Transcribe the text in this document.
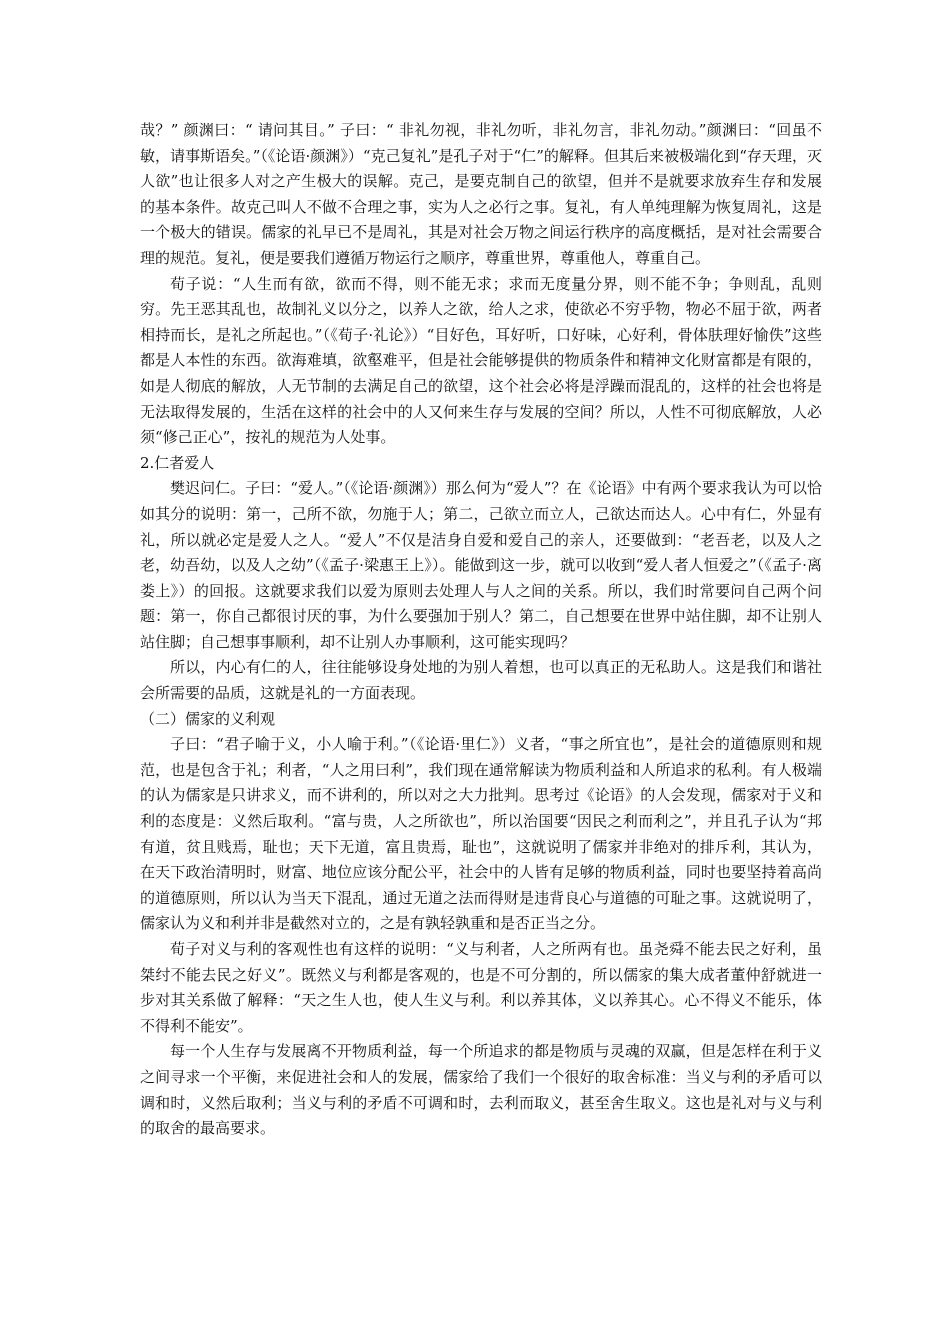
哉？” 颜渊曰：“ 请问其目。” 子曰：“ 非礼勿视，非礼勿听，非礼勿言，非礼勿动。”颜渊曰：“回虽不敏，请事斯语矣。”（《论语·颜渊》）“克己复礼”是孔子对于“仁”的解释。但其后来被极端化到“存天理，灭人欲”也让很多人对之产生极大的误解。克己，是要克制自己的欲望，但并不是就要求放弃生存和发展的基本条件。故克己叫人不做不合理之事，实为人之必行之事。复礼，有人单纯理解为恢复周礼，这是一个极大的错误。儒家的礼早已不是周礼，其是对社会万物之间运行秩序的高度概括，是对社会需要合理的规范。复礼，便是要我们遵循万物运行之顺序，尊重世界，尊重他人，尊重自己。

荀子说：“人生而有欲，欲而不得，则不能无求；求而无度量分界，则不能不争；争则乱，乱则穷。先王恶其乱也，故制礼义以分之，以养人之欲，给人之求，使欲必不穷乎物，物必不屈于欲，两者相持而长，是礼之所起也。”（《荀子·礼论》）“目好色，耳好听，口好味，心好利，骨体肤理好愉佚”这些都是人本性的东西。欲海难填，欲壑难平，但是社会能够提供的物质条件和精神文化财富都是有限的，如是人彻底的解放，人无节制的去满足自己的欲望，这个社会必将是浮躁而混乱的，这样的社会也将是无法取得发展的，生活在这样的社会中的人又何来生存与发展的空间？所以，人性不可彻底解放，人必须“修己正心”，按礼的规范为人处事。

2.仁者爱人

樊迟问仁。子曰：“爱人。”（《论语·颜渊》）那么何为“爱人”？在《论语》中有两个要求我认为可以恰如其分的说明：第一，己所不欲，勿施于人；第二，己欲立而立人，己欲达而达人。心中有仁，外显有礼，所以就必定是爱人之人。“爱人”不仅是洁身自爱和爱自己的亲人，还要做到：“老吾老，以及人之老，幼吾幼，以及人之幼”（《孟子·梁惠王上》）。能做到这一步，就可以收到“爱人者人恒爱之”（《孟子·离娄上》）的回报。这就要求我们以爱为原则去处理人与人之间的关系。所以，我们时常要问自己两个问题：第一，你自己都很讨厌的事，为什么要强加于别人？第二，自己想要在世界中站住脚，却不让别人站住脚；自己想事事顺利，却不让别人办事顺利，这可能实现吗？

所以，内心有仁的人，往往能够设身处地的为别人着想，也可以真正的无私助人。这是我们和谐社会所需要的品质，这就是礼的一方面表现。

（二）儒家的义利观

子曰：“君子喻于义，小人喻于利。”（《论语·里仁》）义者，“事之所宜也”，是社会的道德原则和规范，也是包含于礼；利者，“人之用曰利”，我们现在通常解读为物质利益和人所追求的私利。有人极端的认为儒家是只讲求义，而不讲利的，所以对之大力批判。思考过《论语》的人会发现，儒家对于义和利的态度是：义然后取利。“富与贵，人之所欲也”，所以治国要“因民之利而利之”，并且孔子认为“邦有道，贫且贱焉，耻也；天下无道，富且贵焉，耻也”，这就说明了儒家并非绝对的排斥利，其认为，在天下政治清明时，财富、地位应该分配公平，社会中的人皆有足够的物质利益，同时也要坚持着高尚的道德原则，所以认为当天下混乱，通过无道之法而得财是违背良心与道德的可耻之事。这就说明了，儒家认为义和利并非是截然对立的，之是有孰轻孰重和是否正当之分。

荀子对义与利的客观性也有这样的说明：“义与利者，人之所两有也。虽尧舜不能去民之好利，虽桀纣不能去民之好义”。既然义与利都是客观的，也是不可分割的，所以儒家的集大成者董仲舒就进一步对其关系做了解释：“天之生人也，使人生义与利。利以养其体，义以养其心。心不得义不能乐，体不得利不能安”。

每一个人生存与发展离不开物质利益，每一个所追求的都是物质与灵魂的双赢，但是怎样在利于义之间寻求一个平衡，来促进社会和人的发展，儒家给了我们一个很好的取舍标准：当义与利的矛盾可以调和时，义然后取利；当义与利的矛盾不可调和时，去利而取义，甚至舍生取义。这也是礼对与义与利的取舍的最高要求。
